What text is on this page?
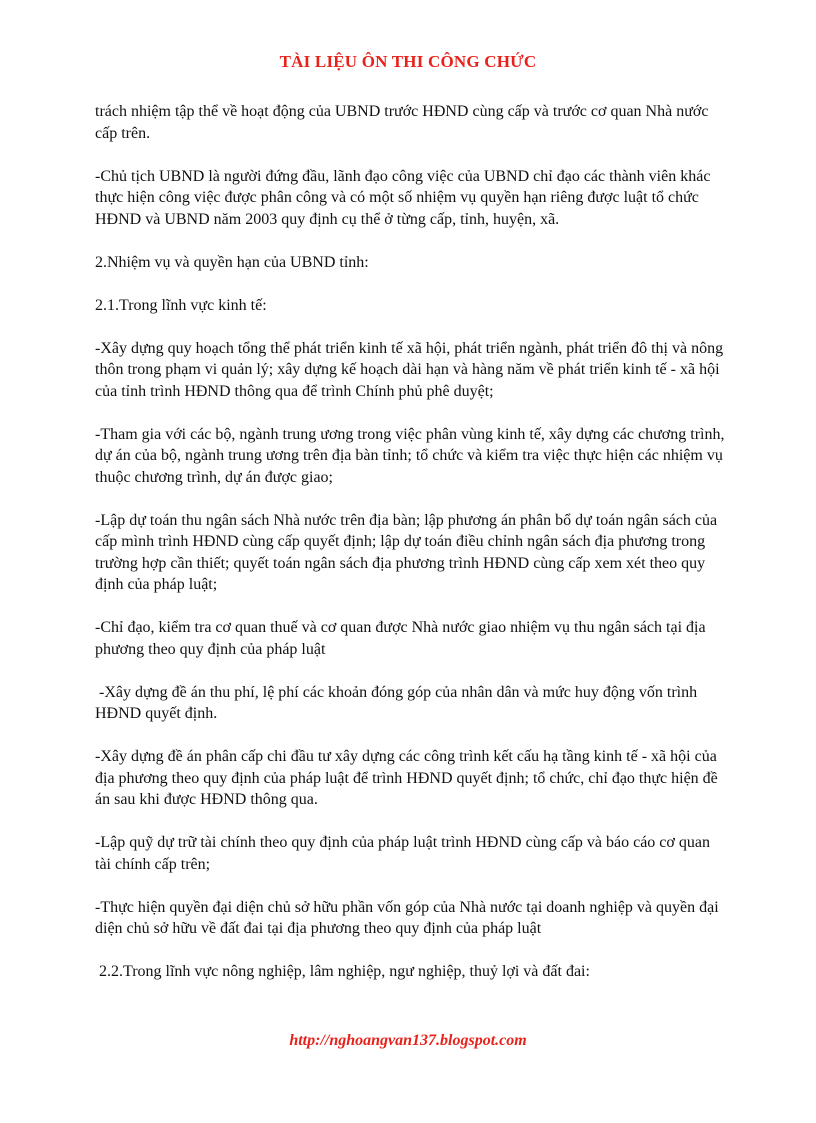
TÀI LIỆU ÔN THI CÔNG CHỨC

trách nhiệm tập thể về hoạt động của UBND trước HĐND cùng cấp và trước cơ quan Nhà nước cấp trên.

-Chủ tịch UBND là người đứng đầu, lãnh đạo công việc của UBND chỉ đạo các thành viên khác thực hiện công việc được phân công và có một số nhiệm vụ quyền hạn riêng được luật tổ chức HĐND và UBND năm 2003 quy định cụ thể ở từng cấp, tỉnh, huyện, xã.

2.Nhiệm vụ và quyền hạn của UBND tỉnh:

2.1.Trong lĩnh vực kinh tế:

-Xây dựng quy hoạch tổng thể phát triển kinh tế xã hội, phát triển ngành, phát triển đô thị và nông thôn trong phạm vi quản lý; xây dựng kế hoạch dài hạn và hàng năm về phát triển kinh tế - xã hội của tỉnh trình HĐND thông qua để trình Chính phủ phê duyệt;

-Tham gia với các bộ, ngành trung ương trong việc phân vùng kinh tế, xây dựng các chương trình, dự án của bộ, ngành trung ương trên địa bàn tỉnh; tổ chức và kiểm tra việc thực hiện các nhiệm vụ thuộc chương trình, dự án được giao;

-Lập dự toán thu ngân sách Nhà nước trên địa bàn; lập phương án phân bổ dự toán ngân sách của cấp mình trình HĐND cùng cấp quyết định; lập dự toán điều chỉnh ngân sách địa phương trong trường hợp cần thiết; quyết toán ngân sách địa phương trình HĐND cùng cấp xem xét theo quy định của pháp luật;

-Chỉ đạo, kiểm tra cơ quan thuế và cơ quan được Nhà nước giao nhiệm vụ thu ngân sách tại địa phương theo quy định của pháp luật

-Xây dựng đề án thu phí, lệ phí các khoản đóng góp của nhân dân và mức huy động vốn trình HĐND quyết định.

-Xây dựng đề án phân cấp chi đầu tư xây dựng các công trình kết cấu hạ tầng kinh tế - xã hội của địa phương theo quy định của pháp luật để trình HĐND quyết định; tổ chức, chỉ đạo thực hiện đề án sau khi được HĐND thông qua.

-Lập quỹ dự trữ tài chính theo quy định của pháp luật trình HĐND cùng cấp và báo cáo cơ quan tài chính cấp trên;

-Thực hiện quyền đại diện chủ sở hữu phần vốn góp của Nhà nước tại doanh nghiệp và quyền đại diện chủ sở hữu về đất đai tại địa phương theo quy định của pháp luật

2.2.Trong lĩnh vực nông nghiệp, lâm nghiệp, ngư nghiệp, thuỷ lợi và đất đai:

http://nghoangvan137.blogspot.com
